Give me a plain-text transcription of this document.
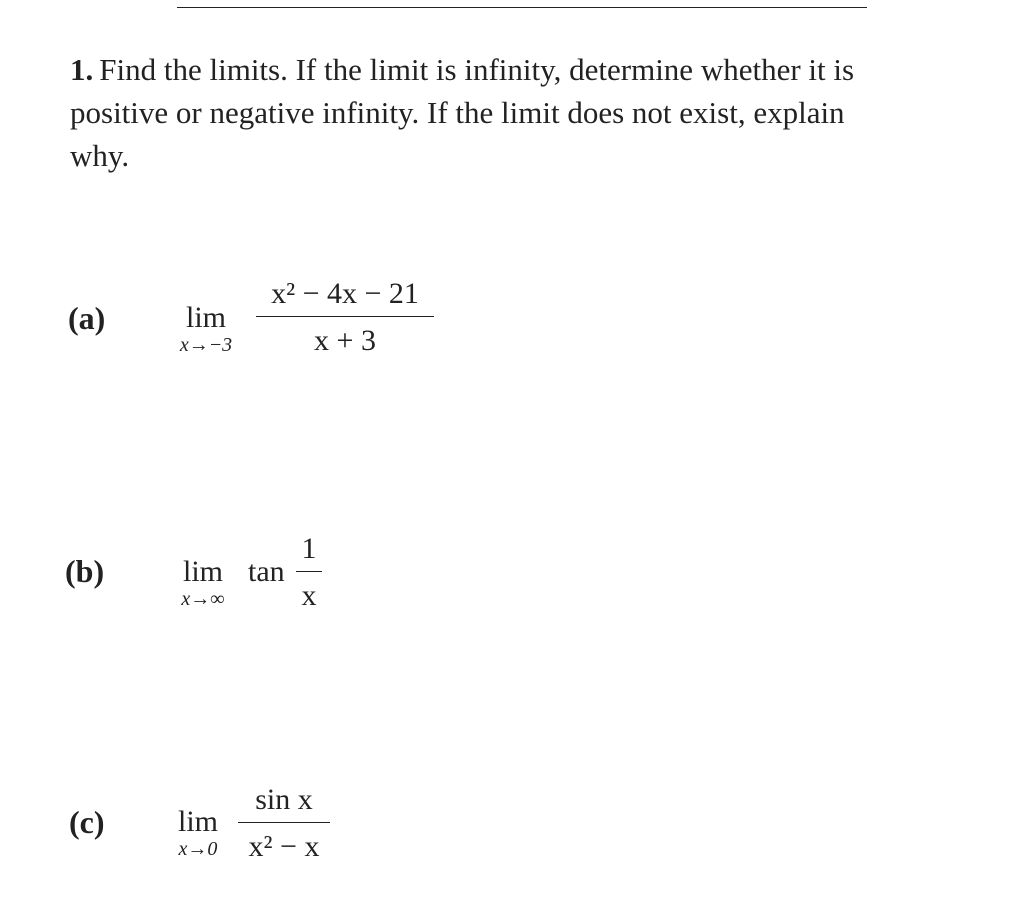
1. Find the limits. If the limit is infinity, determine whether it is positive or negative infinity. If the limit does not exist, explain why.
(a)	lim
x→−3
x² − 4x − 21
x + 3
(b)	lim
x→∞
tan
1
x
(c)	lim
x→0
sin x
x² − x
